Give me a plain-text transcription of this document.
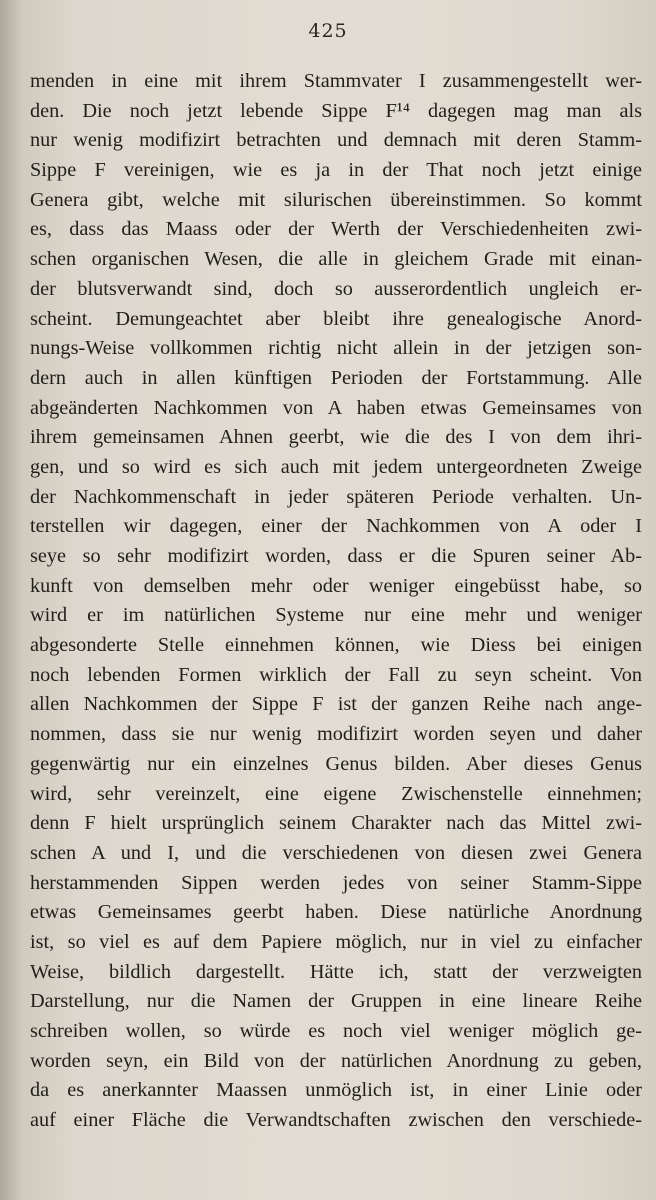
425
menden in eine mit ihrem Stammvater I zusammengestellt wer-
den. Die noch jetzt lebende Sippe F¹⁴ dagegen mag man als
nur wenig modifizirt betrachten und demnach mit deren Stamm-
Sippe F vereinigen, wie es ja in der That noch jetzt einige
Genera gibt, welche mit silurischen übereinstimmen. So kommt
es, dass das Maass oder der Werth der Verschiedenheiten zwi-
schen organischen Wesen, die alle in gleichem Grade mit einan-
der blutsverwandt sind, doch so ausserordentlich ungleich er-
scheint. Demungeachtet aber bleibt ihre genealogische Anord-
nungs-Weise vollkommen richtig nicht allein in der jetzigen son-
dern auch in allen künftigen Perioden der Fortstammung. Alle
abgeänderten Nachkommen von A haben etwas Gemeinsames von
ihrem gemeinsamen Ahnen geerbt, wie die des I von dem ihri-
gen, und so wird es sich auch mit jedem untergeordneten Zweige
der Nachkommenschaft in jeder späteren Periode verhalten. Un-
terstellen wir dagegen, einer der Nachkommen von A oder I
seye so sehr modifizirt worden, dass er die Spuren seiner Ab-
kunft von demselben mehr oder weniger eingebüsst habe, so
wird er im natürlichen Systeme nur eine mehr und weniger
abgesonderte Stelle einnehmen können, wie Diess bei einigen
noch lebenden Formen wirklich der Fall zu seyn scheint. Von
allen Nachkommen der Sippe F ist der ganzen Reihe nach ange-
nommen, dass sie nur wenig modifizirt worden seyen und daher
gegenwärtig nur ein einzelnes Genus bilden. Aber dieses Genus
wird, sehr vereinzelt, eine eigene Zwischenstelle einnehmen;
denn F hielt ursprünglich seinem Charakter nach das Mittel zwi-
schen A und I, und die verschiedenen von diesen zwei Genera
herstammenden Sippen werden jedes von seiner Stamm-Sippe
etwas Gemeinsames geerbt haben. Diese natürliche Anordnung
ist, so viel es auf dem Papiere möglich, nur in viel zu einfacher
Weise, bildlich dargestellt. Hätte ich, statt der verzweigten
Darstellung, nur die Namen der Gruppen in eine lineare Reihe
schreiben wollen, so würde es noch viel weniger möglich ge-
worden seyn, ein Bild von der natürlichen Anordnung zu geben,
da es anerkannter Maassen unmöglich ist, in einer Linie oder
auf einer Fläche die Verwandtschaften zwischen den verschiede-
